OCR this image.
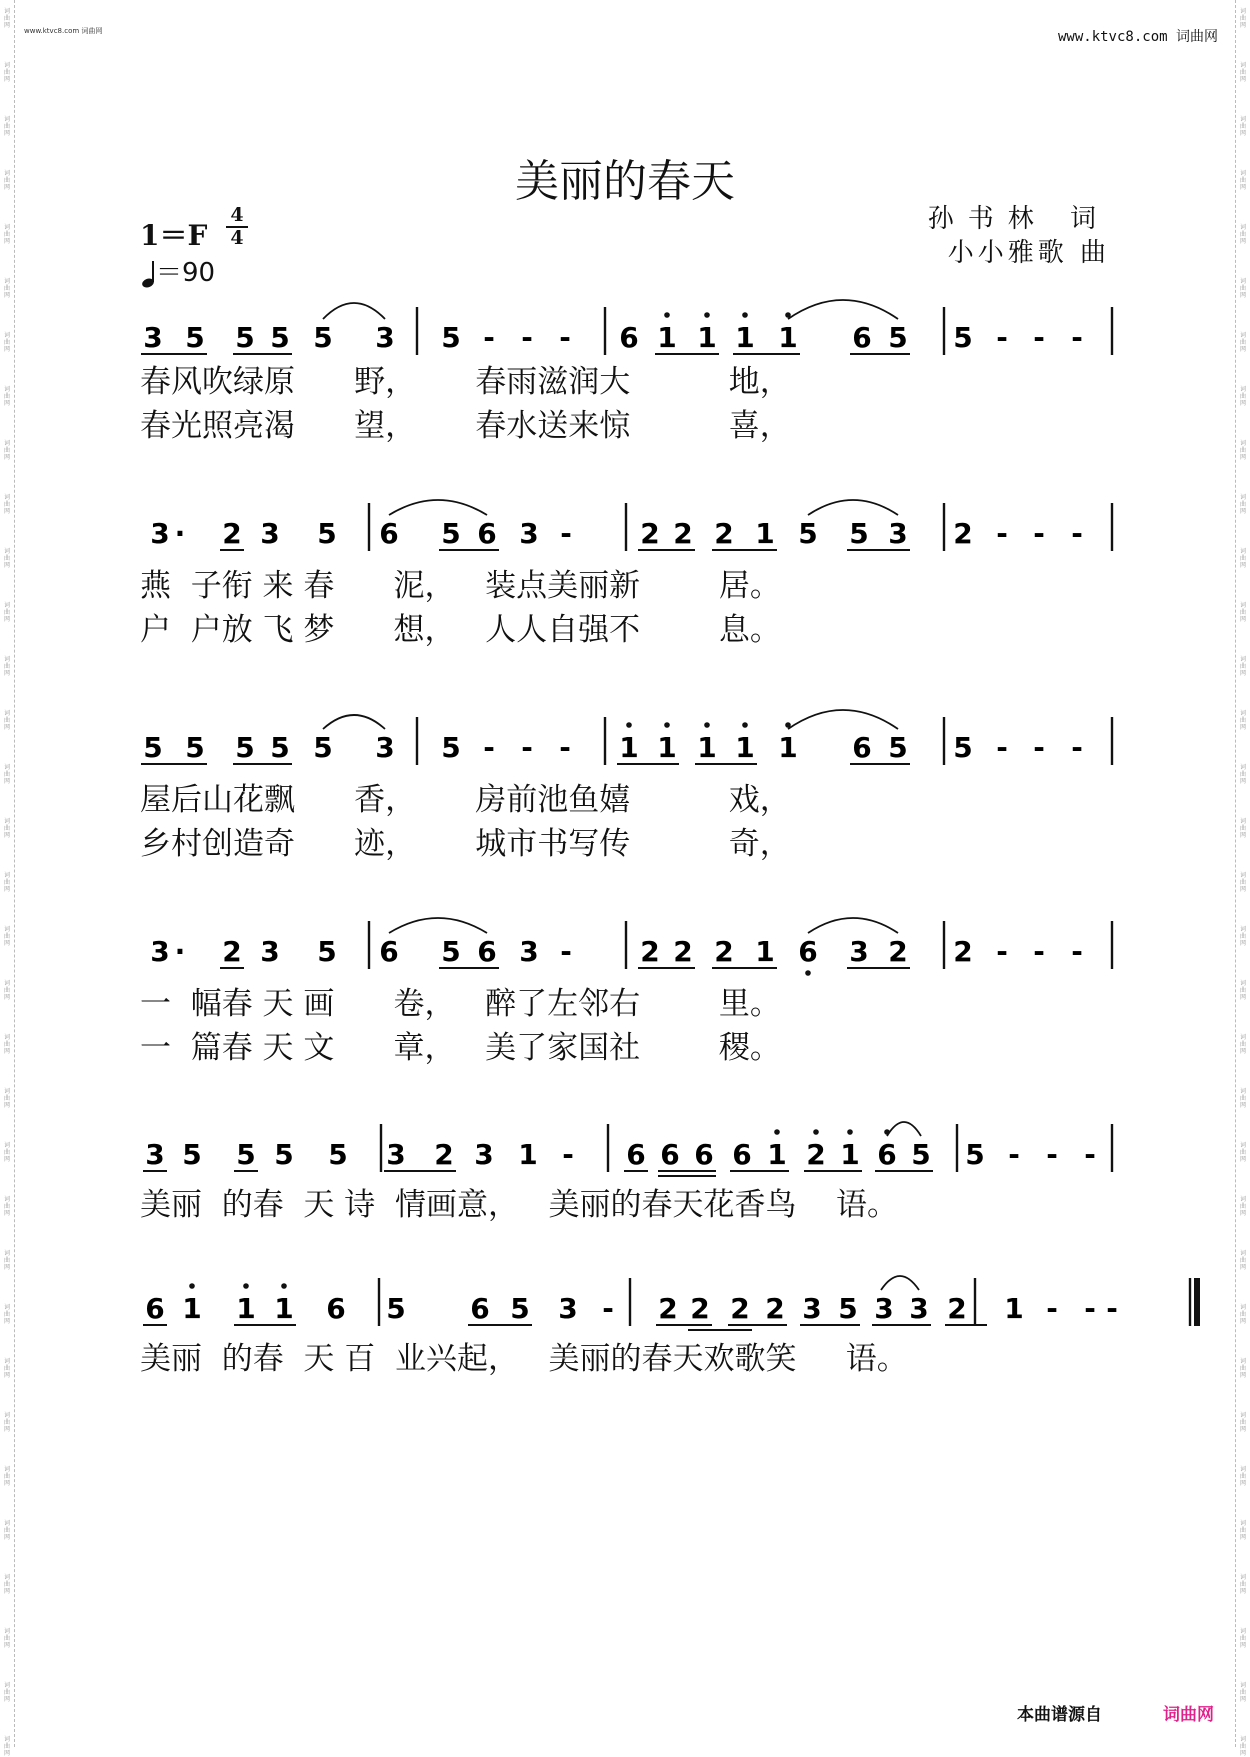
词
曲
网
词
曲
网
词
曲
网
词
曲
网
词
曲
网
词
曲
网
词
曲
网
词
曲
网
词
曲
网
词
曲
网
词
曲
网
词
曲
网
词
曲
网
词
曲
网
词
曲
网
词
曲
网
词
曲
网
词
曲
网
词
曲
网
词
曲
网
词
曲
网
词
曲
网
词
曲
网
词
曲
网
词
曲
网
词
曲
网
词
曲
网
词
曲
网
词
曲
网
词
曲
网
词
曲
网
词
曲
网
词
曲
网
词
曲
网
词
曲
网
词
曲
网
词
曲
网
词
曲
网
词
曲
网
词
曲
网
词
曲
网
词
曲
网
词
曲
网
词
曲
网
词
曲
网
词
曲
网
词
曲
网
词
曲
网
词
曲
网
词
曲
网
词
曲
网
词
曲
网
词
曲
网
词
曲
网
词
曲
网
词
曲
网
词
曲
网
词
曲
网
词
曲
网
词
曲
网
词
曲
网
词
曲
网
词
曲
网
词
曲
网
词
曲
网
词
曲
网
www.ktvc8.com 词曲网	www.ktvc8.com 词曲网
美丽的春天
孙书林 词
小小雅歌 曲
1＝F
4
4
＝90
3 5 5 5 5 3 5 - - - 6 1 1 1 1 6 5 5 - - -
3 · 2 3 5 6 5 6 3 - 2 2 2 1 5 5 3 2 - - -
5 5 5 5 5 3 5 - - - 1 1 1 1 1 6 5 5 - - -
3 · 2 3 5 6 5 6 3 - 2 2 2 1 6 3 2 2 - - -
3 5 5 5 5 3 2 3 1 - 6 6 6 6 1 2 1 6 5 5 - - -
6 1 1 1 6 5 6 5 3 - 2 2 2 2 3 5 3 3 2 1 - - -
春风吹绿原      野，      春雨滋润大          地，
春光照亮渴      望，      春水送来惊          喜，
燕  子衔 来 春      泥，   装点美丽新        居。
户  户放 飞 梦      想，   人人自强不        息。
屋后山花飘      香，      房前池鱼嬉          戏，
乡村创造奇      迹，      城市书写传          奇，
一  幅春 天 画      卷，   醉了左邻右        里。
一  篇春 天 文      章，   美了家国社        稷。
美丽  的春  天 诗  情画意，   美丽的春天花香鸟    语。
美丽  的春  天 百  业兴起，   美丽的春天欢歌笑     语。
本曲谱源自	词曲网
